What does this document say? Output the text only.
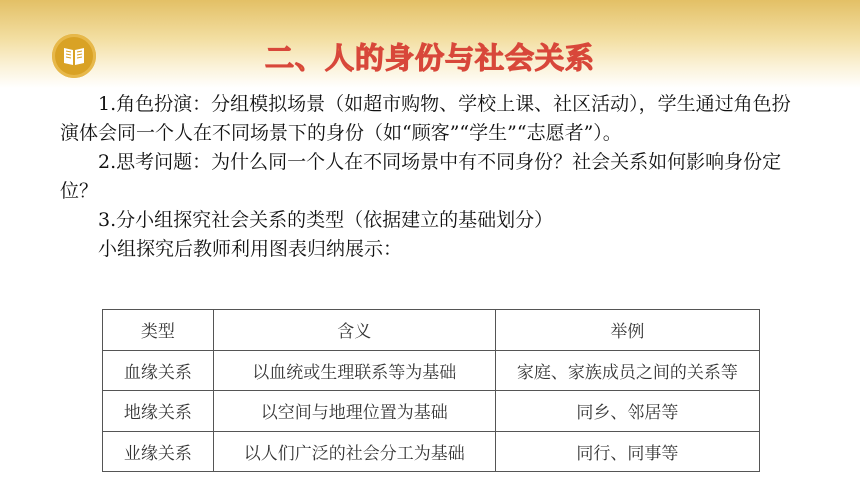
二、人的身份与社会关系

1.角色扮演：分组模拟场景（如超市购物、学校上课、社区活动），学生通过角色扮演体会同一个人在不同场景下的身份（如“顾客”“学生”“志愿者”）。

2.思考问题：为什么同一个人在不同场景中有不同身份？社会关系如何影响身份定位？

3.分小组探究社会关系的类型（依据建立的基础划分）

小组探究后教师利用图表归纳展示：

类型	含义	举例
血缘关系	以血统或生理联系等为基础	家庭、家族成员之间的关系等
地缘关系	以空间与地理位置为基础	同乡、邻居等
业缘关系	以人们广泛的社会分工为基础	同行、同事等
